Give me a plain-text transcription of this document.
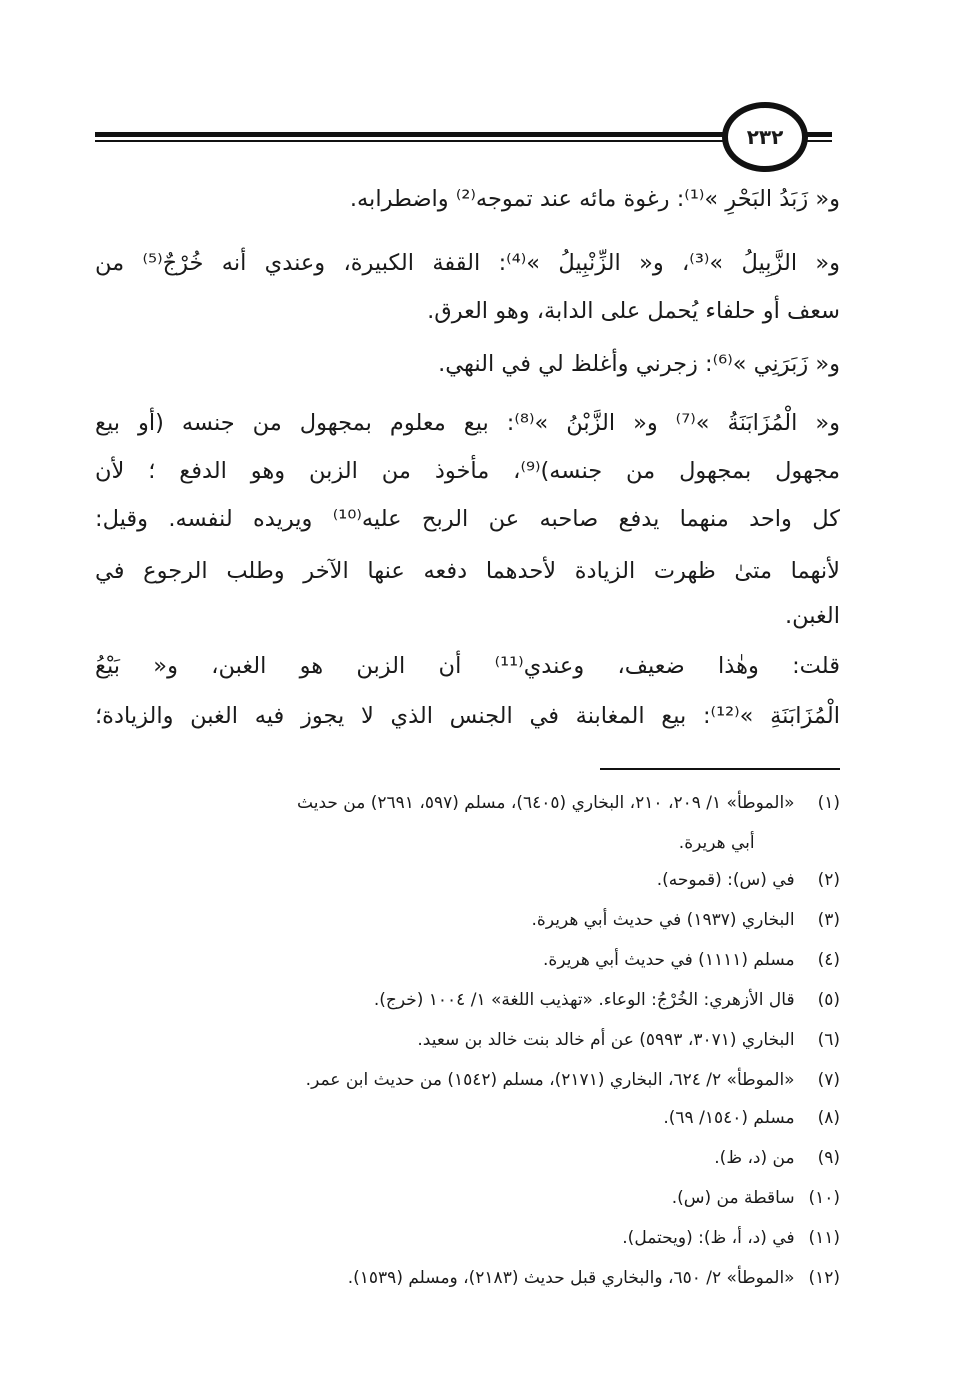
٢٣٢
و« زَبَدُ البَحْرِ »⁽¹⁾: رغوة مائه عند تموجه⁽²⁾ واضطرابه.
و« الزَّبِيلُ »⁽³⁾، و« الزِّنْبِيلُ »⁽⁴⁾: القفة الكبيرة، وعندي أنه خُرْجٌ⁽⁵⁾ من
سعف أو حلفاء يُحمل على الدابة، وهو العرق.
و« زَبَرَنِي »⁽⁶⁾: زجرني وأغلظ لي في النهي.
و« الْمُزَابَنَةُ »⁽⁷⁾ و« الزَّبْنُ »⁽⁸⁾: بيع معلوم بمجهول من جنسه (أو بيع
مجهول بمجهول من جنسه)⁽⁹⁾، مأخوذ من الزبن وهو الدفع ؛ لأن
كل واحد منهما يدفع صاحبه عن الربح عليه⁽¹⁰⁾ ويريده لنفسه. وقيل:
لأنهما متىٰ ظهرت الزيادة لأحدهما دفعه عنها الآخر وطلب الرجوع في
الغبن.
قلت: وهٰذا ضعيف، وعندي⁽¹¹⁾ أن الزبن هو الغبن، و« بَيْعُ
الْمُزَابَنَةِ »⁽¹²⁾: بيع المغابنة في الجنس الذي لا يجوز فيه الغبن والزيادة؛
(١) «الموطأ» ١/ ٢٠٩، ٢١٠، البخاري (٦٤٠٥)، مسلم (٥٩٧، ٢٦٩١) من حديث
أبي هريرة.
(٢) في (س): (قموحه).
(٣) البخاري (١٩٣٧) في حديث أبي هريرة.
(٤) مسلم (١١١١) في حديث أبي هريرة.
(٥) قال الأزهري: الخُرْجُ: الوعاء. «تهذيب اللغة» ١/ ١٠٠٤ (خرج).
(٦) البخاري (٣٠٧١، ٥٩٩٣) عن أم خالد بنت خالد بن سعيد.
(٧) «الموطأ» ٢/ ٦٢٤، البخاري (٢١٧١)، مسلم (١٥٤٢) من حديث ابن عمر.
(٨) مسلم (١٥٤٠/ ٦٩).
(٩) من (د، ظ).
(١٠) ساقطة من (س).
(١١) في (د، أ، ظ): (ويحتمل).
(١٢) «الموطأ» ٢/ ٦٥٠، والبخاري قبل حديث (٢١٨٣)، ومسلم (١٥٣٩).
